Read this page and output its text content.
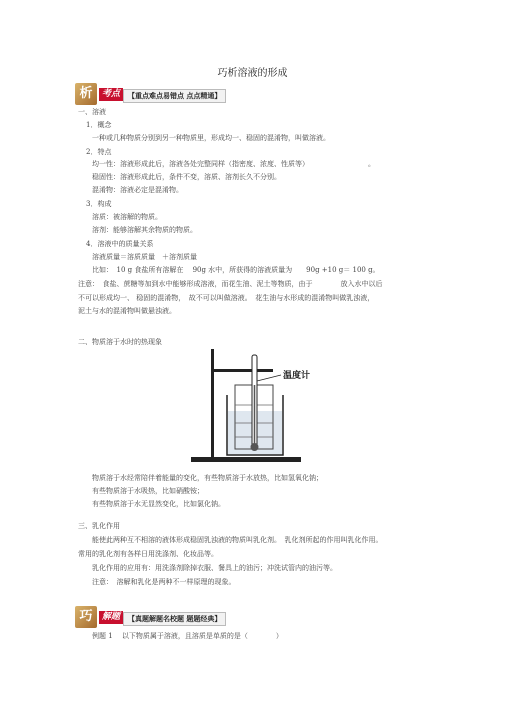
巧析溶液的形成
析	考点	【重点难点易错点 点点精通】
一、溶液
1．概念
一种或几种物质分别到另一种物质里，形成均一、稳固的混淆物，叫做溶液。
2．特点
均一性：溶液形成此后，溶液各处完整同样（指密度、浓度、性质等）	。
稳固性：溶液形成此后，条件不变，溶质、溶剂长久不分别。
混淆物：溶液必定是混淆物。
3．构成
溶质：被溶解的物质。
溶剂：能够溶解其余物质的物质。
4．溶液中的质量关系
溶液质量＝溶质质量　＋溶剂质量
比如：　10 g 食盐所有溶解在　 90g 水中，所获得的溶液质量为　　90g +10 g＝ 100 g。
注意：　食盐、蔗糖等加到水中能够形成溶液，而花生油、泥土等物质，由于　　　　放入水中以后
不可以形成均一、 稳固的混淆物，　故不可以叫做溶液。　花生油与水形成的混淆物叫做乳浊液，
泥土与水的混淆物叫做悬浊液。
二、物质溶于水时的热现象
温度计
物质溶于水经常陪伴着能量的变化，有些物质溶于水放热，比如氢氧化钠；
有些物质溶于水吸热，比如硝酸铵；
有些物质溶于水无显然变化，比如氯化钠。
三、乳化作用
能使此两种互不相溶的液体形成稳固乳浊液的物质叫乳化剂。　乳化剂所起的作用叫乳化作用。
常用的乳化剂有各样日用洗涤剂、化妆品等。
乳化作用的应用有：用洗涤剂除掉衣服、餐具上的油污；冲洗试管内的油污等。
注意：　溶解和乳化是两种不一样原理的现象。
巧	解题	【真题解题名校题 题题经典】
例题 1　 以下物质属于溶液，且溶质是单质的是（　　　　）
